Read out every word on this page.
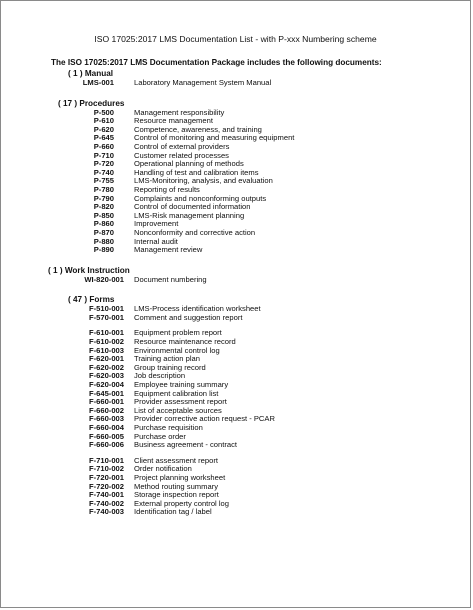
ISO 17025:2017 LMS Documentation List - with P-xxx Numbering scheme
The ISO 17025:2017 LMS Documentation Package includes the following documents:
( 1 ) Manual
LMS-001	Laboratory Management System Manual
( 17 ) Procedures
P-500	Management responsibility
P-610	Resource management
P-620	Competence, awareness, and training
P-645	Control of monitoring and measuring equipment
P-660	Control of external providers
P-710	Customer related processes
P-720	Operational planning of methods
P-740	Handling of test and calibration items
P-755	LMS-Monitoring, analysis, and evaluation
P-780	Reporting of results
P-790	Complaints and nonconforming outputs
P-820	Control of documented information
P-850	LMS-Risk management planning
P-860	Improvement
P-870	Nonconformity and corrective action
P-880	Internal audit
P-890	Management review
( 1 ) Work Instruction
WI-820-001 Document numbering
( 47 ) Forms
F-510-001 LMS-Process identification worksheet
F-570-001 Comment and suggestion report
F-610-001 Equipment problem report
F-610-002 Resource maintenance record
F-610-003 Environmental control log
F-620-001 Training action plan
F-620-002 Group training record
F-620-003 Job description
F-620-004 Employee training summary
F-645-001 Equipment calibration list
F-660-001 Provider assessment report
F-660-002 List of acceptable sources
F-660-003 Provider corrective action request - PCAR
F-660-004 Purchase requisition
F-660-005 Purchase order
F-660-006 Business agreement - contract
F-710-001 Client assessment report
F-710-002 Order notification
F-720-001 Project planning worksheet
F-720-002 Method routing summary
F-740-001 Storage inspection report
F-740-002 External property control log
F-740-003 Identification tag / label
